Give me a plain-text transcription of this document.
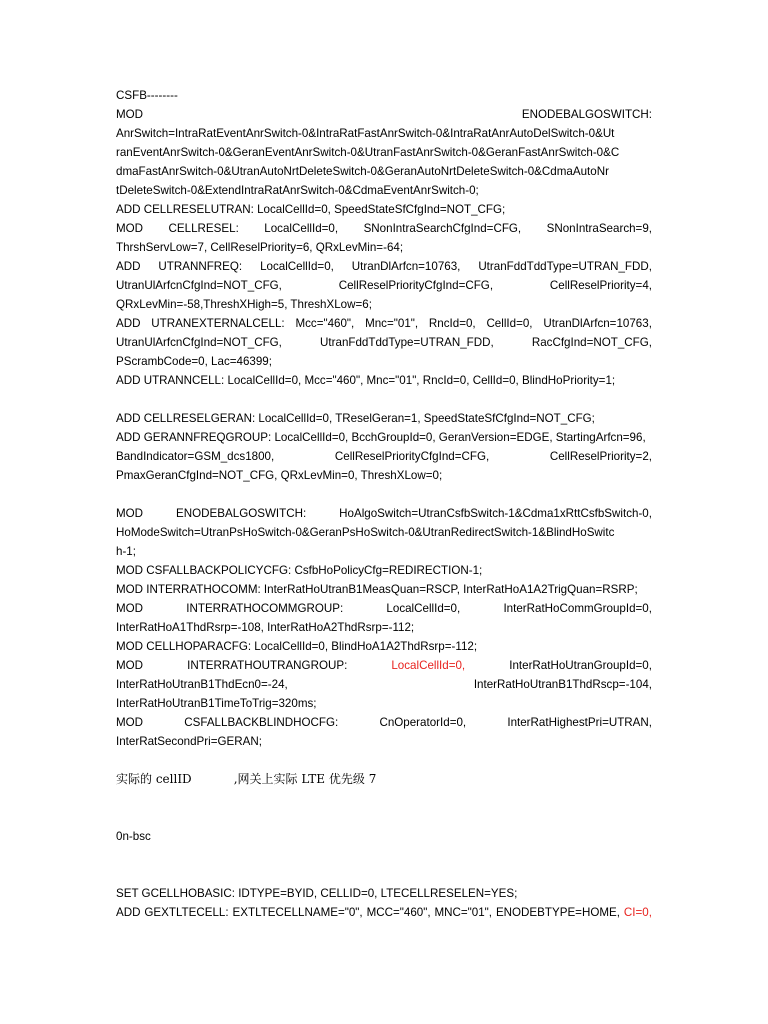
CSFB--------
MOD	ENODEBALGOSWITCH:
AnrSwitch=IntraRatEventAnrSwitch-0&IntraRatFastAnrSwitch-0&IntraRatAnrAutoDelSwitch-0&Ut
ranEventAnrSwitch-0&GeranEventAnrSwitch-0&UtranFastAnrSwitch-0&GeranFastAnrSwitch-0&C
dmaFastAnrSwitch-0&UtranAutoNrtDeleteSwitch-0&GeranAutoNrtDeleteSwitch-0&CdmaAutoNr
tDeleteSwitch-0&ExtendIntraRatAnrSwitch-0&CdmaEventAnrSwitch-0;
ADD CELLRESELUTRAN: LocalCellId=0, SpeedStateSfCfgInd=NOT_CFG;
MOD CELLRESEL: LocalCellId=0, SNonIntraSearchCfgInd=CFG, SNonIntraSearch=9,
ThrshServLow=7, CellReselPriority=6, QRxLevMin=-64;
ADD UTRANNFREQ: LocalCellId=0, UtranDlArfcn=10763, UtranFddTddType=UTRAN_FDD,
UtranUlArfcnCfgInd=NOT_CFG,	CellReselPriorityCfgInd=CFG,	CellReselPriority=4,
QRxLevMin=-58,ThreshXHigh=5, ThreshXLow=6;
ADD UTRANEXTERNALCELL: Mcc="460", Mnc="01", RncId=0, CellId=0, UtranDlArfcn=10763,
UtranUlArfcnCfgInd=NOT_CFG,	UtranFddTddType=UTRAN_FDD,	RacCfgInd=NOT_CFG,
PScrambCode=0, Lac=46399;
ADD UTRANNCELL: LocalCellId=0, Mcc="460", Mnc="01", RncId=0, CellId=0, BlindHoPriority=1;
ADD CELLRESELGERAN: LocalCellId=0, TReselGeran=1, SpeedStateSfCfgInd=NOT_CFG;
ADD GERANNFREQGROUP: LocalCellId=0, BcchGroupId=0, GeranVersion=EDGE, StartingArfcn=96,
BandIndicator=GSM_dcs1800,	CellReselPriorityCfgInd=CFG,	CellReselPriority=2,
PmaxGeranCfgInd=NOT_CFG, QRxLevMin=0, ThreshXLow=0;
MOD	ENODEBALGOSWITCH:	HoAlgoSwitch=UtranCsfbSwitch-1&Cdma1xRttCsfbSwitch-0,
HoModeSwitch=UtranPsHoSwitch-0&GeranPsHoSwitch-0&UtranRedirectSwitch-1&BlindHoSwitc
h-1;
MOD CSFALLBACKPOLICYCFG: CsfbHoPolicyCfg=REDIRECTION-1;
MOD INTERRATHOCOMM: InterRatHoUtranB1MeasQuan=RSCP, InterRatHoA1A2TrigQuan=RSRP;
MOD	INTERRATHOCOMMGROUP:	LocalCellId=0,	InterRatHoCommGroupId=0,
InterRatHoA1ThdRsrp=-108, InterRatHoA2ThdRsrp=-112;
MOD CELLHOPARACFG: LocalCellId=0, BlindHoA1A2ThdRsrp=-112;
MOD	INTERRATHOUTRANGROUP:	LocalCellId=0,	InterRatHoUtranGroupId=0,
InterRatHoUtranB1ThdEcn0=-24,	InterRatHoUtranB1ThdRscp=-104,
InterRatHoUtranB1TimeToTrig=320ms;
MOD	CSFALLBACKBLINDHOCFG:	CnOperatorId=0,	InterRatHighestPri=UTRAN,
InterRatSecondPri=GERAN;
实际的 cellID	,网关上实际 LTE 优先级 7
0n-bsc
SET GCELLHOBASIC: IDTYPE=BYID, CELLID=0, LTECELLRESELEN=YES;
ADD GEXTLTECELL: EXTLTECELLNAME="0", MCC="460", MNC="01", ENODEBTYPE=HOME, CI=0,
